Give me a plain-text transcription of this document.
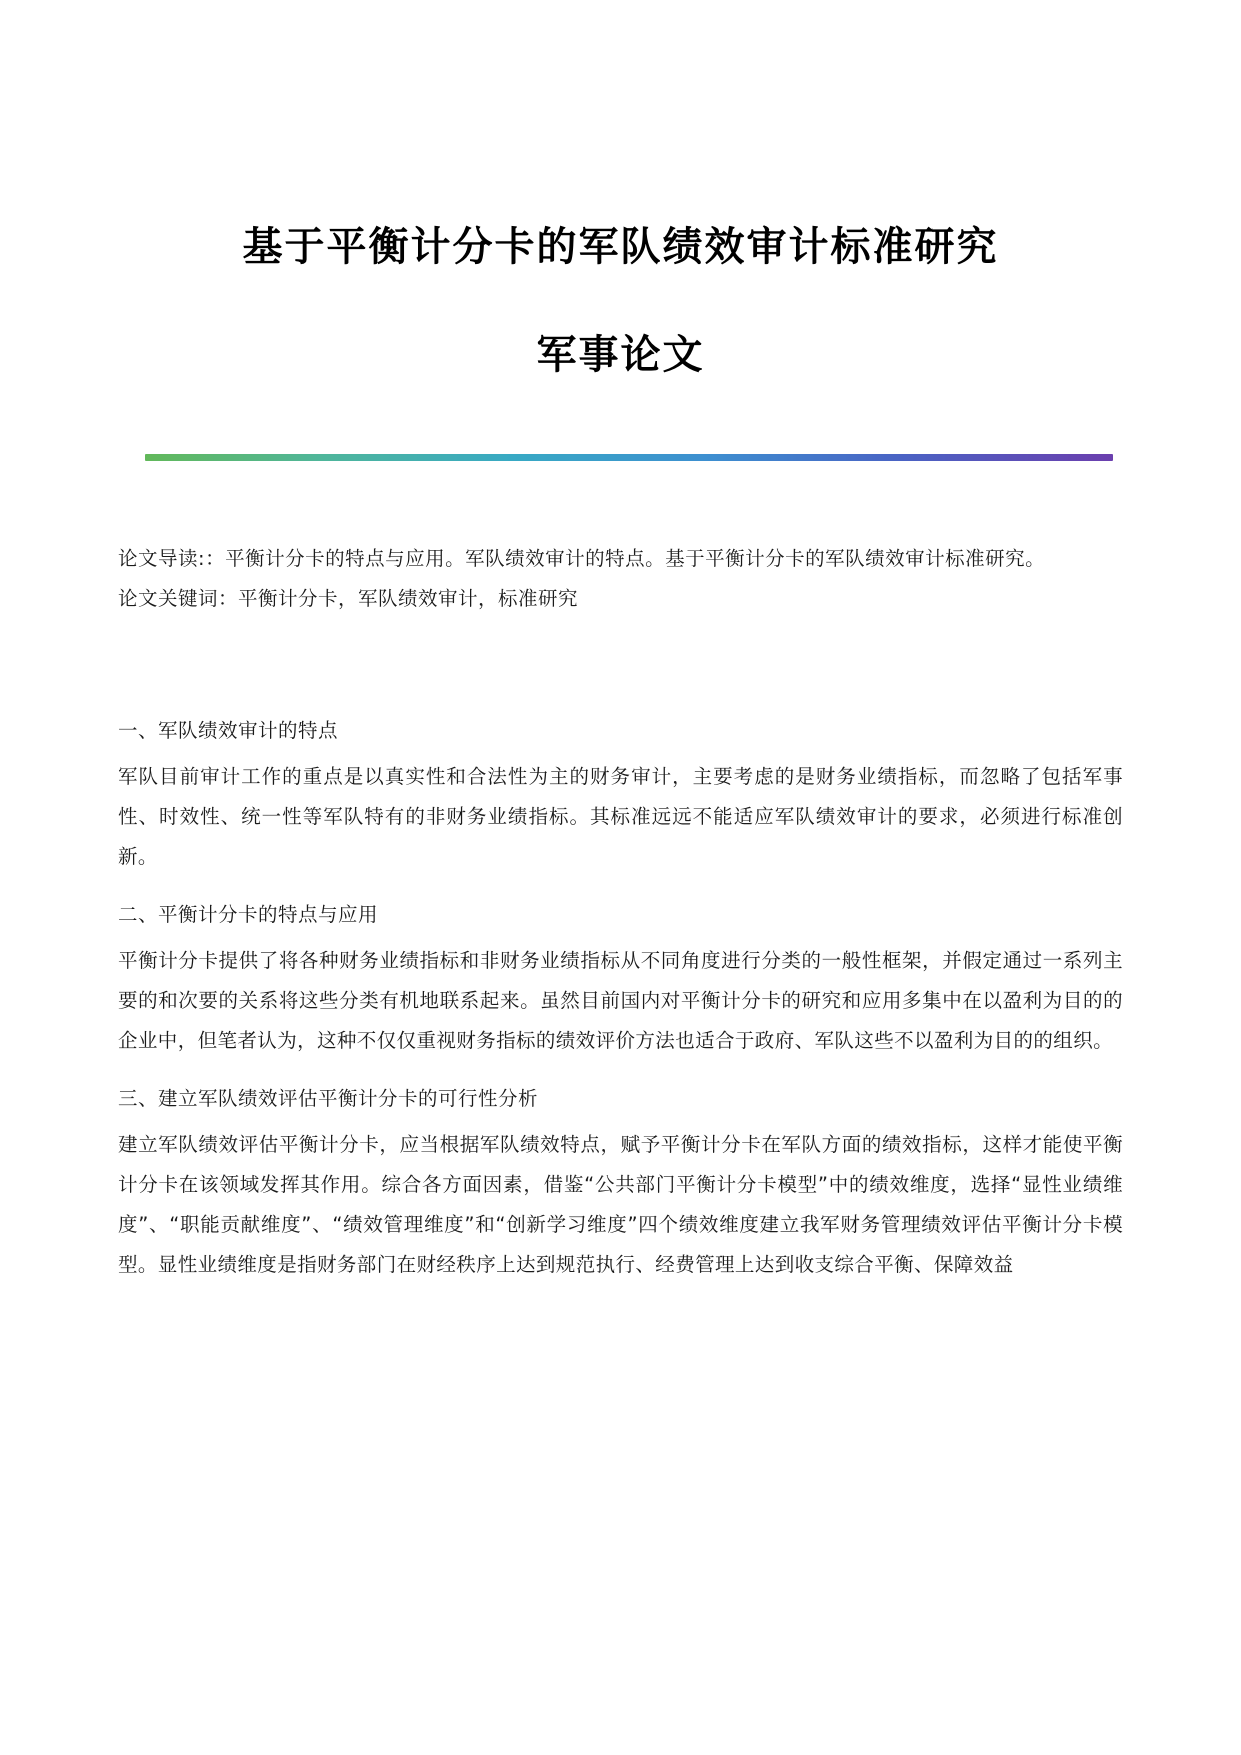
基于平衡计分卡的军队绩效审计标准研究
军事论文

论文导读:：平衡计分卡的特点与应用。军队绩效审计的特点。基于平衡计分卡的军队绩效审计标准研究。

论文关键词：平衡计分卡，军队绩效审计，标准研究

一、军队绩效审计的特点

军队目前审计工作的重点是以真实性和合法性为主的财务审计，主要考虑的是财务业绩指标，而忽略了包括军事性、时效性、统一性等军队特有的非财务业绩指标。其标准远远不能适应军队绩效审计的要求，必须进行标准创新。

二、平衡计分卡的特点与应用

平衡计分卡提供了将各种财务业绩指标和非财务业绩指标从不同角度进行分类的一般性框架，并假定通过一系列主要的和次要的关系将这些分类有机地联系起来。虽然目前国内对平衡计分卡的研究和应用多集中在以盈利为目的的企业中，但笔者认为，这种不仅仅重视财务指标的绩效评价方法也适合于政府、军队这些不以盈利为目的的组织。

三、建立军队绩效评估平衡计分卡的可行性分析

建立军队绩效评估平衡计分卡，应当根据军队绩效特点，赋予平衡计分卡在军队方面的绩效指标，这样才能使平衡计分卡在该领域发挥其作用。综合各方面因素，借鉴“公共部门平衡计分卡模型”中的绩效维度，选择“显性业绩维度”、“职能贡献维度”、“绩效管理维度”和“创新学习维度”四个绩效维度建立我军财务管理绩效评估平衡计分卡模型。显性业绩维度是指财务部门在财经秩序上达到规范执行、经费管理上达到收支综合平衡、保障效益
